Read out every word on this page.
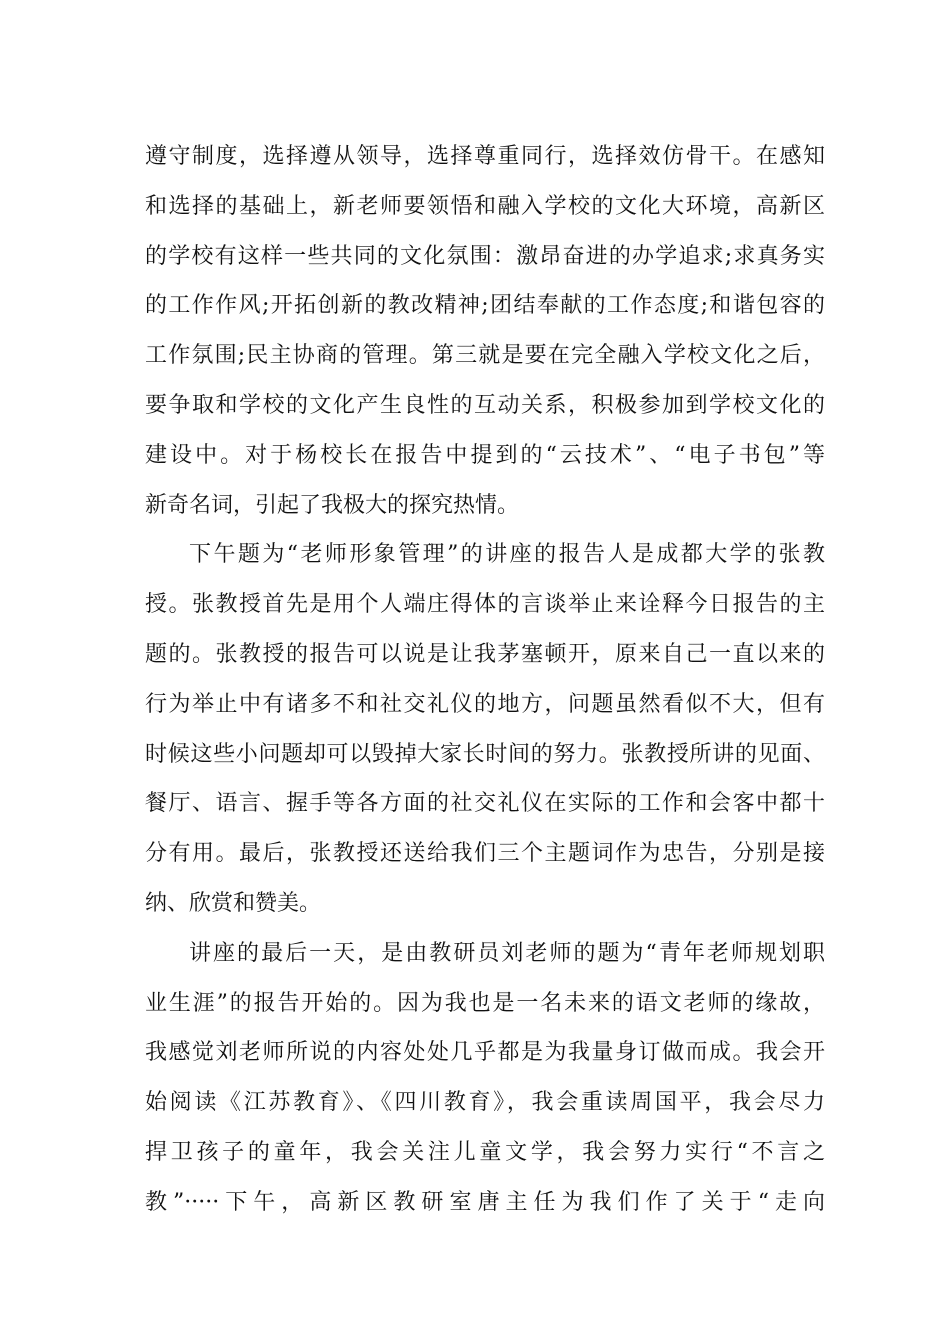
遵守制度，选择遵从领导，选择尊重同行，选择效仿骨干。在感知
和选择的基础上，新老师要领悟和融入学校的文化大环境，高新区
的学校有这样一些共同的文化氛围：激昂奋进的办学追求;求真务实
的工作作风;开拓创新的教改精神;团结奉献的工作态度;和谐包容的
工作氛围;民主协商的管理。第三就是要在完全融入学校文化之后，
要争取和学校的文化产生良性的互动关系，积极参加到学校文化的
建设中。对于杨校长在报告中提到的“云技术”、“电子书包”等
新奇名词，引起了我极大的探究热情。
下午题为“老师形象管理”的讲座的报告人是成都大学的张教
授。张教授首先是用个人端庄得体的言谈举止来诠释今日报告的主
题的。张教授的报告可以说是让我茅塞顿开，原来自己一直以来的
行为举止中有诸多不和社交礼仪的地方，问题虽然看似不大，但有
时候这些小问题却可以毁掉大家长时间的努力。张教授所讲的见面、
餐厅、语言、握手等各方面的社交礼仪在实际的工作和会客中都十
分有用。最后，张教授还送给我们三个主题词作为忠告，分别是接
纳、欣赏和赞美。
讲座的最后一天，是由教研员刘老师的题为“青年老师规划职
业生涯”的报告开始的。因为我也是一名未来的语文老师的缘故，
我感觉刘老师所说的内容处处几乎都是为我量身订做而成。我会开
始阅读《江苏教育》、《四川教育》，我会重读周国平，我会尽力
捍卫孩子的童年，我会关注儿童文学，我会努力实行“不言之
教”·····下午，高新区教研室唐主任为我们作了关于“走向
